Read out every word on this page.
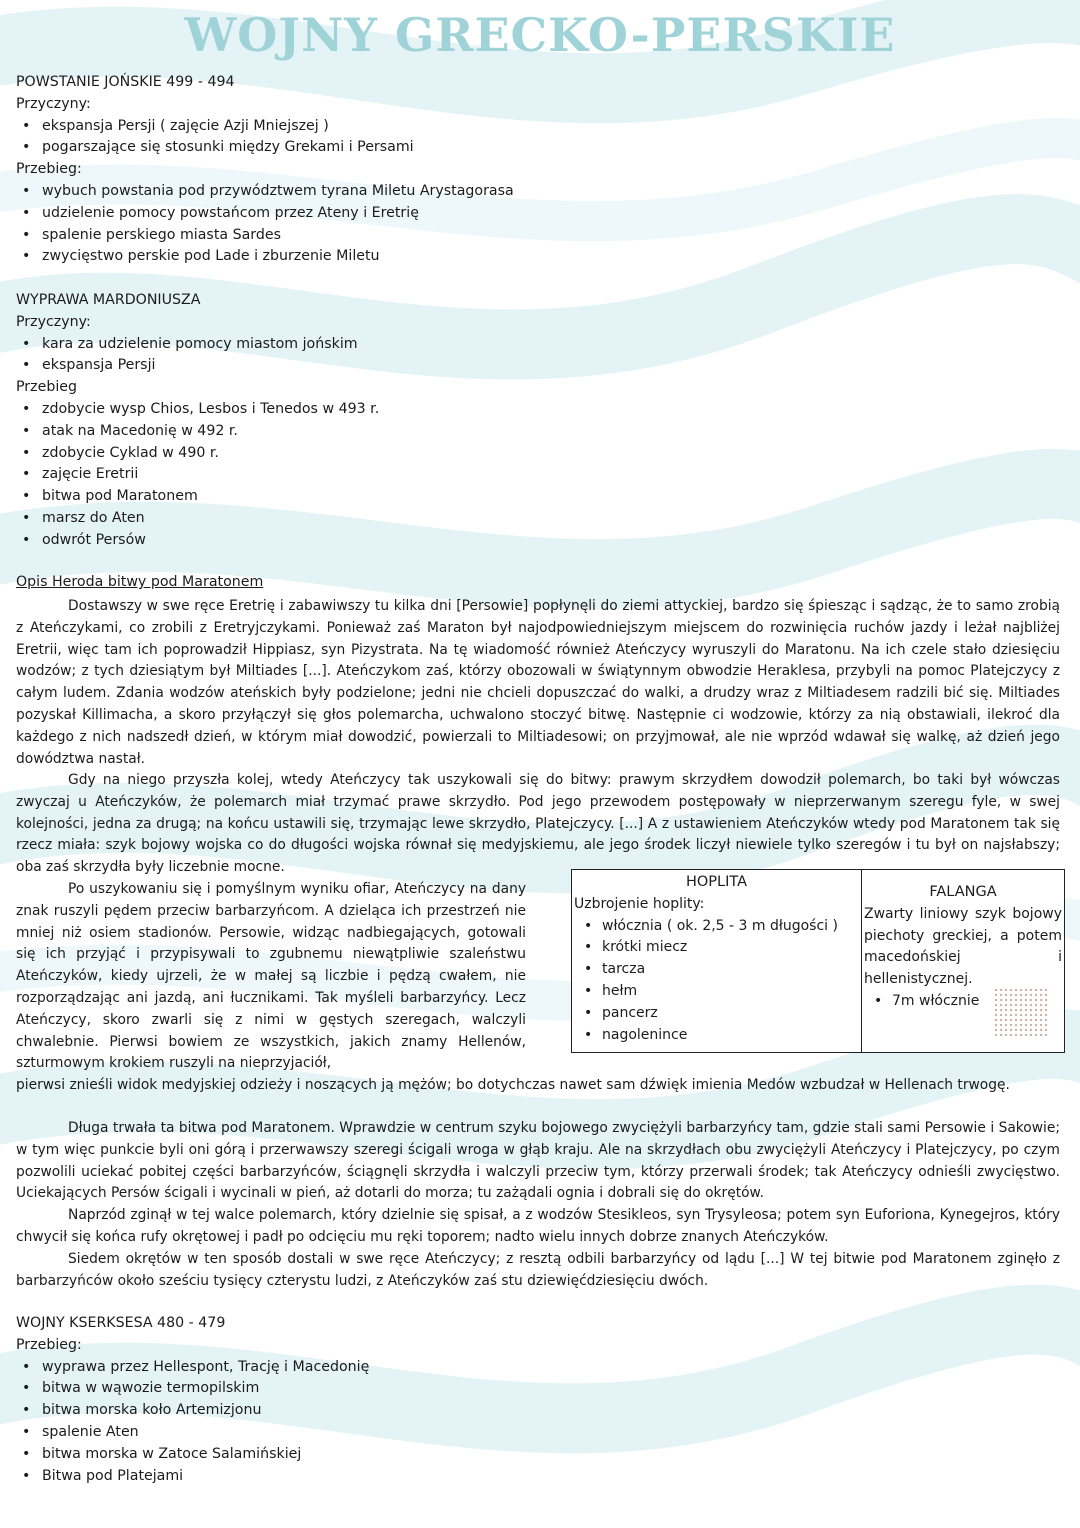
WOJNY GRECKO-PERSKIE

POWSTANIE JOŃSKIE 499 - 494

Przyczyny:

• ekspansja Persji ( zajęcie Azji Mniejszej )
• pogarszające się stosunki między Grekami i Persami

Przebieg:

• wybuch powstania pod przywództwem tyrana Miletu Arystagorasa
• udzielenie pomocy powstańcom przez Ateny i Eretrię
• spalenie perskiego miasta Sardes
• zwycięstwo perskie pod Lade i zburzenie Miletu

WYPRAWA MARDONIUSZA

Przyczyny:

• kara za udzielenie pomocy miastom jońskim
• ekspansja Persji

Przebieg

• zdobycie wysp Chios, Lesbos i Tenedos w 493 r.
• atak na Macedonię w 492 r.
• zdobycie Cyklad w 490 r.
• zajęcie Eretrii
• bitwa pod Maratonem
• marsz do Aten
• odwrót Persów

Opis Heroda bitwy pod Maratonem

Dostawszy w swe ręce Eretrię i zabawiwszy tu kilka dni [Persowie] popłynęli do ziemi attyckiej, bardzo się śpiesząc i sądząc, że to samo zrobią z Ateńczykami, co zrobili z Eretryjczykami. Ponieważ zaś Maraton był najodpowiedniejszym miejscem do rozwinięcia ruchów jazdy i leżał najbliżej Eretrii, więc tam ich poprowadził Hippiasz, syn Pizystrata. Na tę wiadomość również Ateńczycy wyruszyli do Maratonu. Na ich czele stało dziesięciu wodzów; z tych dziesiątym był Miltiades [...]. Ateńczykom zaś, którzy obozowali w świątynnym obwodzie Heraklesa, przybyli na pomoc Platejczycy z całym ludem. Zdania wodzów ateńskich były podzielone; jedni nie chcieli dopuszczać do walki, a drudzy wraz z Miltiadesem radzili bić się. Miltiades pozyskał Killimacha, a skoro przyłączył się głos polemarcha, uchwalono stoczyć bitwę. Następnie ci wodzowie, którzy za nią obstawiali, ilekroć dla każdego z nich nadszedł dzień, w którym miał dowodzić, powierzali to Miltiadesowi; on przyjmował, ale nie wprzód wdawał się walkę, aż dzień jego dowództwa nastał.

Gdy na niego przyszła kolej, wtedy Ateńczycy tak uszykowali się do bitwy: prawym skrzydłem dowodził polemarch, bo taki był wówczas zwyczaj u Ateńczyków, że polemarch miał trzymać prawe skrzydło. Pod jego przewodem postępowały w nieprzerwanym szeregu fyle, w swej kolejności, jedna za drugą; na końcu ustawili się, trzymając lewe skrzydło, Platejczycy. [...] A z ustawieniem Ateńczyków wtedy pod Maratonem tak się rzecz miała: szyk bojowy wojska co do długości wojska równał się medyjskiemu, ale jego środek liczył niewiele tylko szeregów i tu był on najsłabszy; oba zaś skrzydła były liczebnie mocne.

Po uszykowaniu się i pomyślnym wyniku ofiar, Ateńczycy na dany znak ruszyli pędem przeciw barbarzyńcom. A dzieląca ich przestrzeń nie mniej niż osiem stadionów. Persowie, widząc nadbiegających, gotowali się ich przyjąć i przypisywali to zgubnemu niewątpliwie szaleństwu Ateńczyków, kiedy ujrzeli, że w małej są liczbie i pędzą cwałem, nie rozporządzając ani jazdą, ani łucznikami. Tak myśleli barbarzyńcy. Lecz Ateńczycy, skoro zwarli się z nimi w gęstych szeregach, walczyli chwalebnie. Pierwsi bowiem ze wszystkich, jakich znamy Hellenów, szturmowym krokiem ruszyli na nieprzyjaciół,

pierwsi znieśli widok medyjskiej odzieży i noszących ją mężów; bo dotychczas nawet sam dźwięk imienia Medów wzbudzał w Hellenach trwogę.

Długa trwała ta bitwa pod Maratonem. Wprawdzie w centrum szyku bojowego zwyciężyli barbarzyńcy tam, gdzie stali sami Persowie i Sakowie; w tym więc punkcie byli oni górą i przerwawszy szeregi ścigali wroga w głąb kraju. Ale na skrzydłach obu zwyciężyli Ateńczycy i Platejczycy, po czym pozwolili uciekać pobitej części barbarzyńców, ściągnęli skrzydła i walczyli przeciw tym, którzy przerwali środek; tak Ateńczycy odnieśli zwycięstwo. Uciekających Persów ścigali i wycinali w pień, aż dotarli do morza; tu zażądali ognia i dobrali się do okrętów.

Naprzód zginął w tej walce polemarch, który dzielnie się spisał, a z wodzów Stesikleos, syn Trysyleosa; potem syn Euforiona, Kynegejros, który chwycił się końca rufy okrętowej i padł po odcięciu mu ręki toporem; nadto wielu innych dobrze znanych Ateńczyków.

Siedem okrętów w ten sposób dostali w swe ręce Ateńczycy; z resztą odbili barbarzyńcy od lądu [...] W tej bitwie pod Maratonem zginęło z barbarzyńców około sześciu tysięcy czterystu ludzi, z Ateńczyków zaś stu dziewięćdziesięciu dwóch.

HOPLITA

Uzbrojenie hoplity:

• włócznia ( ok. 2,5 - 3 m długości )
• krótki miecz
• tarcza
• hełm
• pancerz
• nagolenince
FALANGA

Zwarty liniowy szyk bojowy piechoty greckiej, a potem macedońskiej i hellenistycznej.

• 7m włócznie

WOJNY KSERKSESA 480 - 479

Przebieg:

• wyprawa przez Hellespont, Trację i Macedonię
• bitwa w wąwozie termopilskim
• bitwa morska koło Artemizjonu
• spalenie Aten
• bitwa morska w Zatoce Salamińskiej
• Bitwa pod Platejami
